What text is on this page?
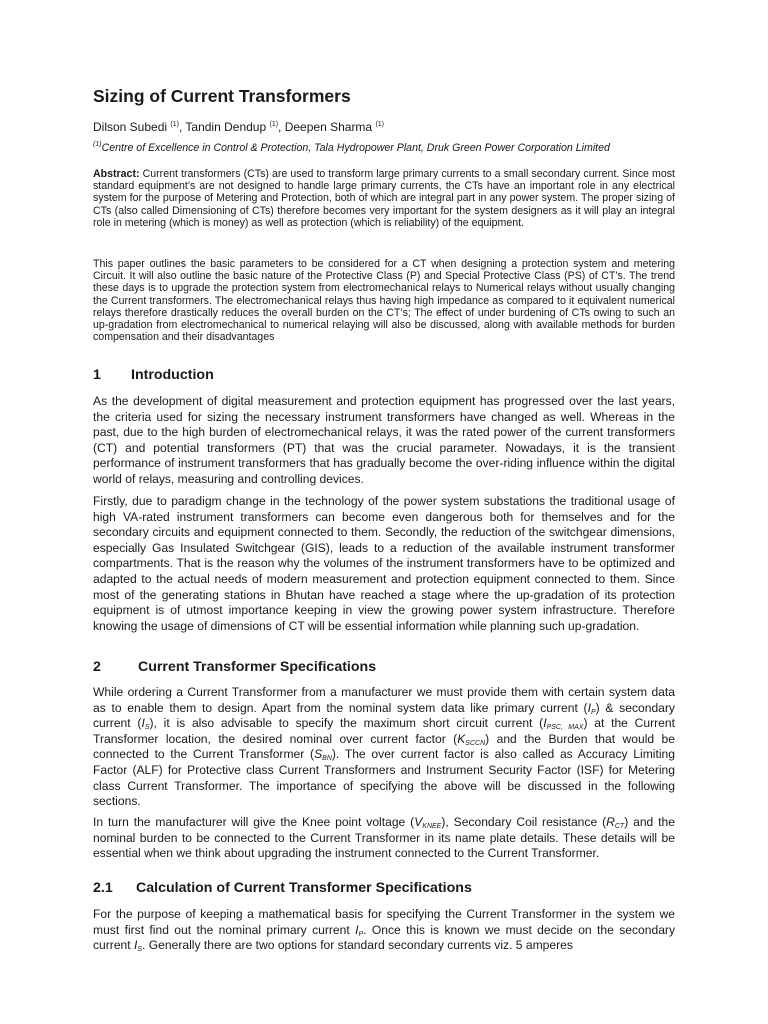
Sizing of Current Transformers

Dilson Subedi $^{(1)}$, Tandin Dendup $^{(1)}$, Deepen Sharma $^{(1)}$

$^{(1)}$Centre of Excellence in Control & Protection, Tala Hydropower Plant, Druk Green Power Corporation Limited

Abstract: Current transformers (CTs) are used to transform large primary currents to a small secondary current. Since most standard equipment’s are not designed to handle large primary currents, the CTs have an important role in any electrical system for the purpose of Metering and Protection, both of which are integral part in any power system. The proper sizing of CTs (also called Dimensioning of CTs) therefore becomes very important for the system designers as it will play an integral role in metering (which is money) as well as protection (which is reliability) of the equipment.

This paper outlines the basic parameters to be considered for a CT when designing a protection system and metering Circuit. It will also outline the basic nature of the Protective Class (P) and Special Protective Class (PS) of CT’s. The trend these days is to upgrade the protection system from electromechanical relays to Numerical relays without usually changing the Current transformers. The electromechanical relays thus having high impedance as compared to it equivalent numerical relays therefore drastically reduces the overall burden on the CT’s; The effect of under burdening of CTs owing to such an up-gradation from electromechanical to numerical relaying will also be discussed, along with available methods for burden compensation and their disadvantages

1 Introduction

As the development of digital measurement and protection equipment has progressed over the last years, the criteria used for sizing the necessary instrument transformers have changed as well. Whereas in the past, due to the high burden of electromechanical relays, it was the rated power of the current transformers (CT) and potential transformers (PT) that was the crucial parameter. Nowadays, it is the transient performance of instrument transformers that has gradually become the over-riding influence within the digital world of relays, measuring and controlling devices.

Firstly, due to paradigm change in the technology of the power system substations the traditional usage of high VA-rated instrument transformers can become even dangerous both for themselves and for the secondary circuits and equipment connected to them. Secondly, the reduction of the switchgear dimensions, especially Gas Insulated Switchgear (GIS), leads to a reduction of the available instrument transformer compartments. That is the reason why the volumes of the instrument transformers have to be optimized and adapted to the actual needs of modern measurement and protection equipment connected to them. Since most of the generating stations in Bhutan have reached a stage where the up-gradation of its protection equipment is of utmost importance keeping in view the growing power system infrastructure. Therefore knowing the usage of dimensions of CT will be essential information while planning such up-gradation.

2	Current Transformer Specifications

While ordering a Current Transformer from a manufacturer we must provide them with certain system data as to enable them to design. Apart from the nominal system data like primary current $(I_P)$ & secondary current $(I_S)$, it is also advisable to specify the maximum short circuit current $(I_{PSC, MAX})$ at the Current Transformer location, the desired nominal over current factor $(K_{SCCN})$ and the Burden that would be connected to the Current Transformer $(S_{BN})$. The over current factor is also called as Accuracy Limiting Factor (ALF) for Protective class Current Transformers and Instrument Security Factor (ISF) for Metering class Current Transformer. The importance of specifying the above will be discussed in the following sections.

In turn the manufacturer will give the Knee point voltage $(V_{KNEE})$, Secondary Coil resistance $(R_{CT})$ and the nominal burden to be connected to the Current Transformer in its name plate details. These details will be essential when we think about upgrading the instrument connected to the Current Transformer.

2.1 Calculation of Current Transformer Specifications

For the purpose of keeping a mathematical basis for specifying the Current Transformer in the system we must first find out the nominal primary current $I_P$. Once this is known we must decide on the secondary current $I_S$. Generally there are two options for standard secondary currents viz. 5 amperes
